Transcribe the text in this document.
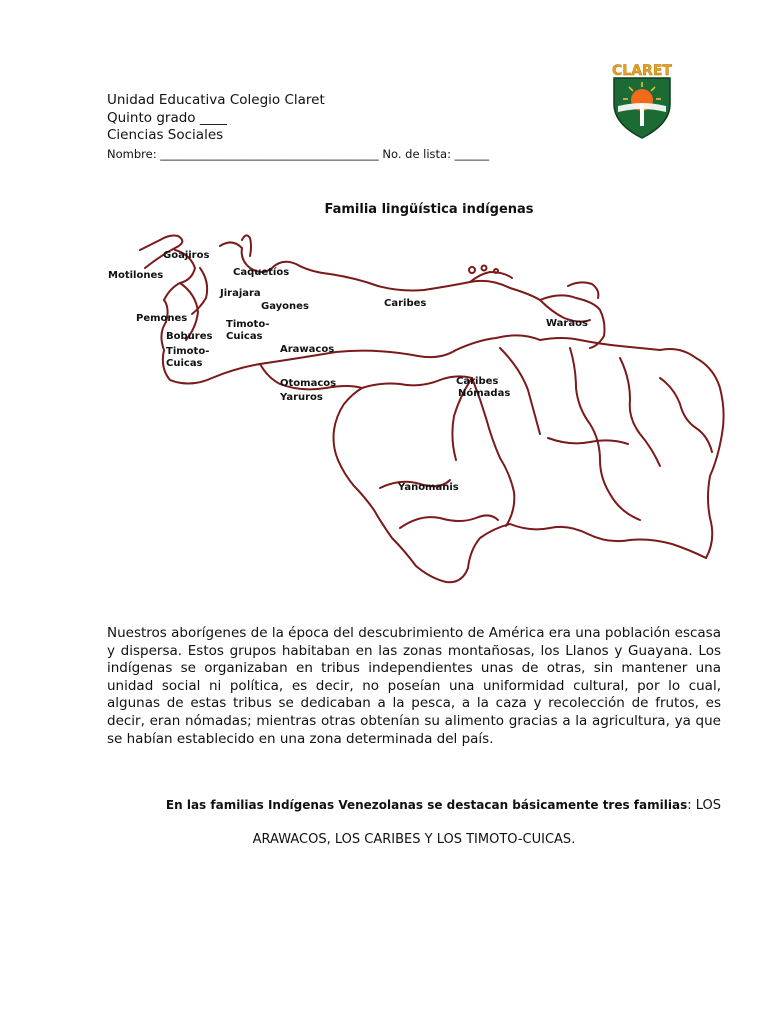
Unidad Educativa Colegio Claret
Quinto grado ____
Ciencias Sociales
Nombre: ______________________________________ No. de lista: ______
CLARET
Familia lingüística indígenas
Goajiros
Motilones	Caquetíos
Jirajara
Gayones	Caribes
Pemones
Timoto-
Cuicas
Bobures
Timoto-
Cuicas
Arawacos
Waraos
Otomacos
Yaruros
Caribes
Nómadas
Yanomanis
Nuestros aborígenes de la época del descubrimiento de América era una población escasa y dispersa. Estos grupos habitaban en las zonas montañosas, los Llanos y Guayana. Los indígenas se organizaban en tribus independientes unas de otras, sin mantener una unidad social ni política, es decir, no poseían una uniformidad cultural, por lo cual, algunas de estas tribus se dedicaban a la pesca, a la caza y recolección de frutos, es decir, eran nómadas; mientras otras obtenían su alimento gracias a la agricultura, ya que se habían establecido en una zona determinada del país.
En las familias Indígenas Venezolanas se destacan básicamente tres familias: LOS
ARAWACOS, LOS CARIBES Y LOS TIMOTO-CUICAS.
